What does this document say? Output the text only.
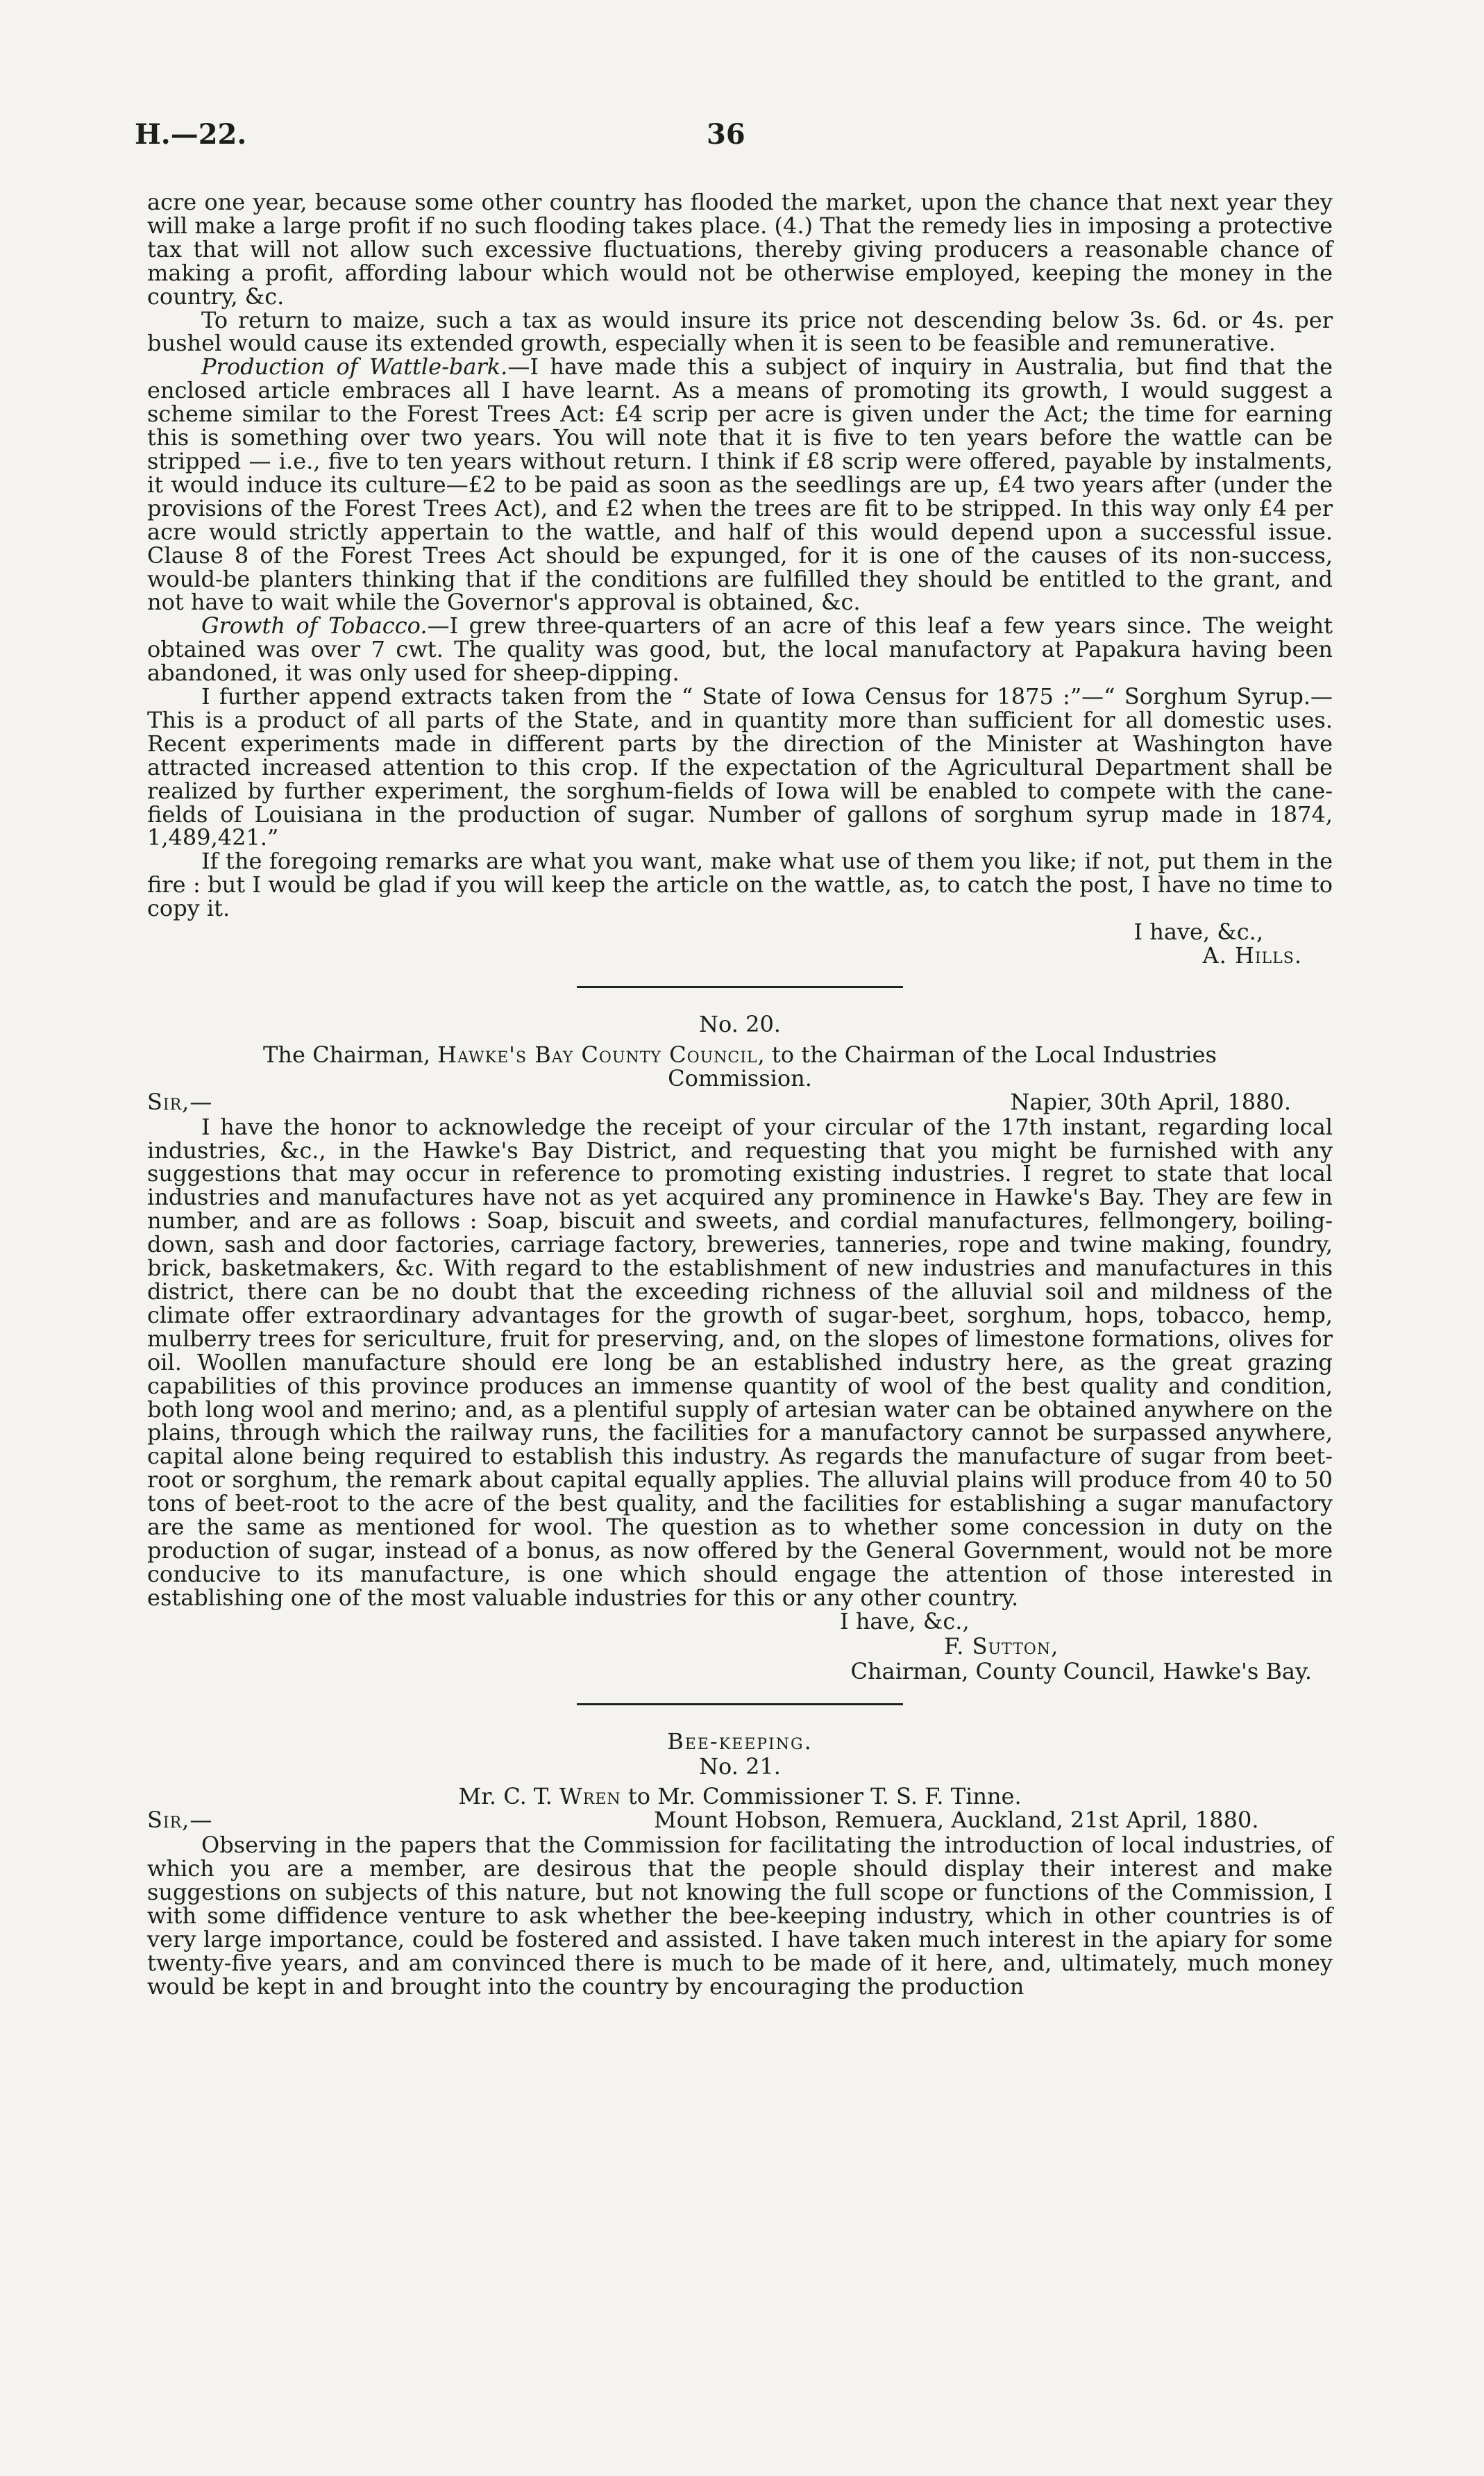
H.—22.	36

acre one year, because some other country has flooded the market, upon the chance that next year they will make a large profit if no such flooding takes place. (4.) That the remedy lies in imposing a protective tax that will not allow such excessive fluctuations, thereby giving producers a reasonable chance of making a profit, affording labour which would not be otherwise employed, keeping the money in the country, &c.

To return to maize, such a tax as would insure its price not descending below 3s. 6d. or 4s. per bushel would cause its extended growth, especially when it is seen to be feasible and remunerative.

Production of Wattle-bark.—I have made this a subject of inquiry in Australia, but find that the enclosed article embraces all I have learnt. As a means of promoting its growth, I would suggest a scheme similar to the Forest Trees Act: £4 scrip per acre is given under the Act; the time for earning this is something over two years. You will note that it is five to ten years before the wattle can be stripped — i.e., five to ten years without return. I think if £8 scrip were offered, payable by instalments, it would induce its culture—£2 to be paid as soon as the seedlings are up, £4 two years after (under the provisions of the Forest Trees Act), and £2 when the trees are fit to be stripped. In this way only £4 per acre would strictly appertain to the wattle, and half of this would depend upon a successful issue. Clause 8 of the Forest Trees Act should be expunged, for it is one of the causes of its non-success, would-be planters thinking that if the conditions are fulfilled they should be entitled to the grant, and not have to wait while the Governor's approval is obtained, &c.

Growth of Tobacco.—I grew three-quarters of an acre of this leaf a few years since. The weight obtained was over 7 cwt. The quality was good, but, the local manufactory at Papakura having been abandoned, it was only used for sheep-dipping.

I further append extracts taken from the “ State of Iowa Census for 1875 :”—“ Sorghum Syrup.— This is a product of all parts of the State, and in quantity more than sufficient for all domestic uses. Recent experiments made in different parts by the direction of the Minister at Washington have attracted increased attention to this crop. If the expectation of the Agricultural Department shall be realized by further experiment, the sorghum-fields of Iowa will be enabled to compete with the cane-fields of Louisiana in the production of sugar. Number of gallons of sorghum syrup made in 1874, 1,489,421.”

If the foregoing remarks are what you want, make what use of them you like; if not, put them in the fire : but I would be glad if you will keep the article on the wattle, as, to catch the post, I have no time to copy it.

I have, &c.,
A. Hills.
No. 20.
The Chairman, Hawke's Bay County Council, to the Chairman of the Local Industries Commission.
Sir,—	Napier, 30th April, 1880.

I have the honor to acknowledge the receipt of your circular of the 17th instant, regarding local industries, &c., in the Hawke's Bay District, and requesting that you might be furnished with any suggestions that may occur in reference to promoting existing industries. I regret to state that local industries and manufactures have not as yet acquired any prominence in Hawke's Bay. They are few in number, and are as follows : Soap, biscuit and sweets, and cordial manufactures, fellmongery, boiling-down, sash and door factories, carriage factory, breweries, tanneries, rope and twine making, foundry, brick, basketmakers, &c. With regard to the establishment of new industries and manufactures in this district, there can be no doubt that the exceeding richness of the alluvial soil and mildness of the climate offer extraordinary advantages for the growth of sugar-beet, sorghum, hops, tobacco, hemp, mulberry trees for sericulture, fruit for preserving, and, on the slopes of limestone formations, olives for oil. Woollen manufacture should ere long be an established industry here, as the great grazing capabilities of this province produces an immense quantity of wool of the best quality and condition, both long wool and merino; and, as a plentiful supply of artesian water can be obtained anywhere on the plains, through which the railway runs, the facilities for a manufactory cannot be surpassed anywhere, capital alone being required to establish this industry. As regards the manufacture of sugar from beet-root or sorghum, the remark about capital equally applies. The alluvial plains will produce from 40 to 50 tons of beet-root to the acre of the best quality, and the facilities for establishing a sugar manufactory are the same as mentioned for wool. The question as to whether some concession in duty on the production of sugar, instead of a bonus, as now offered by the General Government, would not be more conducive to its manufacture, is one which should engage the attention of those interested in establishing one of the most valuable industries for this or any other country.

I have, &c.,
F. Sutton,
Chairman, County Council, Hawke's Bay.
Bee-keeping.
No. 21.
Mr. C. T. Wren to Mr. Commissioner T. S. F. Tinne.
Sir,—	Mount Hobson, Remuera, Auckland, 21st April, 1880.

Observing in the papers that the Commission for facilitating the introduction of local industries, of which you are a member, are desirous that the people should display their interest and make suggestions on subjects of this nature, but not knowing the full scope or functions of the Commission, I with some diffidence venture to ask whether the bee-keeping industry, which in other countries is of very large importance, could be fostered and assisted. I have taken much interest in the apiary for some twenty-five years, and am convinced there is much to be made of it here, and, ultimately, much money would be kept in and brought into the country by encouraging the production
